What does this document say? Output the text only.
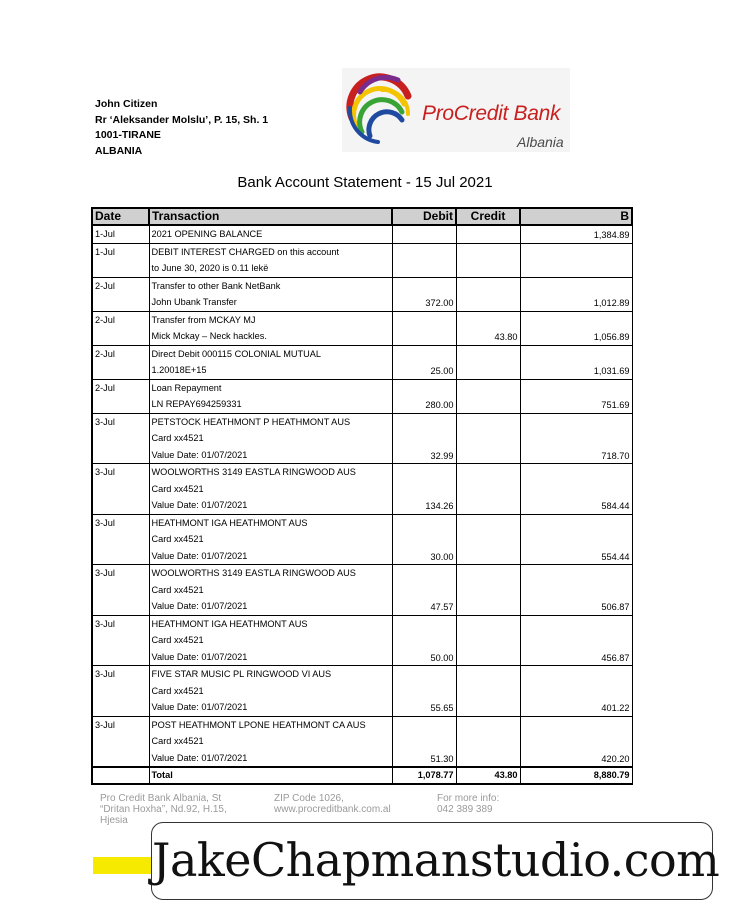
John Citizen
Rr ‘Aleksander Molslu’, P. 15, Sh. 1
1001-TIRANE
ALBANIA
ProCredit Bank
Albania
Bank Account Statement - 15 Jul 2021
Date	Transaction	Debit	Credit	B

1-Jul	2021 OPENING BALANCE			1,384.89

1-Jul	DEBIT INTEREST CHARGED on this account
to June 30, 2020 is 0.11 lekë			

2-Jul	Transfer to other Bank NetBank
John Ubank Transfer	372.00		1,012.89

2-Jul	Transfer from MCKAY MJ
Mick Mckay – Neck hackles.		43.80	1,056.89

2-Jul	Direct Debit 000115 COLONIAL MUTUAL
1.20018E+15	25.00		1,031.69

2-Jul	Loan Repayment
LN REPAY694259331	280.00		751.69

3-Jul	PETSTOCK HEATHMONT P HEATHMONT AUS
Card xx4521
Value Date: 01/07/2021	32.99		718.70

3-Jul	WOOLWORTHS 3149 EASTLA RINGWOOD AUS
Card xx4521
Value Date: 01/07/2021	134.26		584.44

3-Jul	HEATHMONT IGA HEATHMONT AUS
Card xx4521
Value Date: 01/07/2021	30.00		554.44

3-Jul	WOOLWORTHS 3149 EASTLA RINGWOOD AUS
Card xx4521
Value Date: 01/07/2021	47.57		506.87

3-Jul	HEATHMONT IGA HEATHMONT AUS
Card xx4521
Value Date: 01/07/2021	50.00		456.87

3-Jul	FIVE STAR MUSIC PL RINGWOOD VI AUS
Card xx4521
Value Date: 01/07/2021	55.65		401.22

3-Jul	POST HEATHMONT LPONE HEATHMONT CA AUS
Card xx4521
Value Date: 01/07/2021	51.30		420.20

	Total	1,078.77	43.80	8,880.79
Pro Credit Bank Albania, St
“Dritan Hoxha”, Nd.92, H.15,
Hjesia
ZIP Code 1026,
www.procreditbank.com.al
For more info:
042 389 389
JakeChapmanstudio.com
